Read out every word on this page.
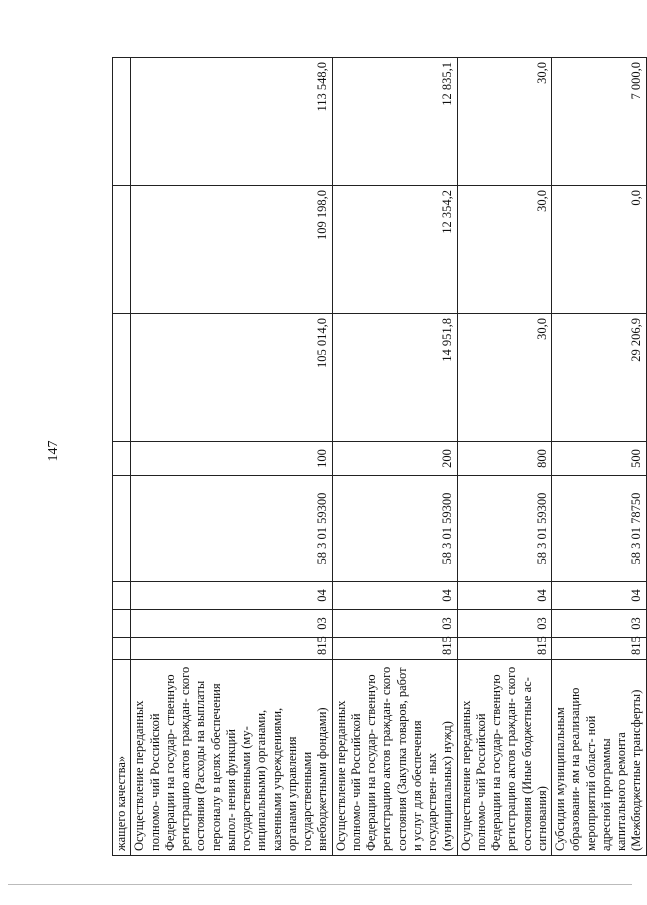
147
жащего качества»								
Осуществление переданных полномо- чий Российской Федерации на государ- ственную регистрацию актов граждан- ского состояния (Расходы на выплаты персоналу в целях обеспечения выпол- нения функций государственными (му- ниципальными) органами, казенными учреждениями, органами управления государственными внебюджетными фондами)	815	03	04	58 3 01 59300	100	105 014,0	109 198,0	113 548,0
Осуществление переданных полномо- чий Российской Федерации на государ- ственную регистрацию актов граждан- ского состояния (Закупка товаров, работ и услуг для обеспечения государствен- ных (муниципальных) нужд)	815	03	04	58 3 01 59300	200	14 951,8	12 354,2	12 835,1
Осуществление переданных полномо- чий Российской Федерации на государ- ственную регистрацию актов граждан- ского состояния (Иные бюджетные ас- сигнования)	815	03	04	58 3 01 59300	800	30,0	30,0	30,0
Субсидии муниципальным образовани- ям на реализацию мероприятий област- ной адресной программы капитального ремонта (Межбюджетные трансферты)	815	03	04	58 3 01 78750	500	29 206,9	0,0	7 000,0
